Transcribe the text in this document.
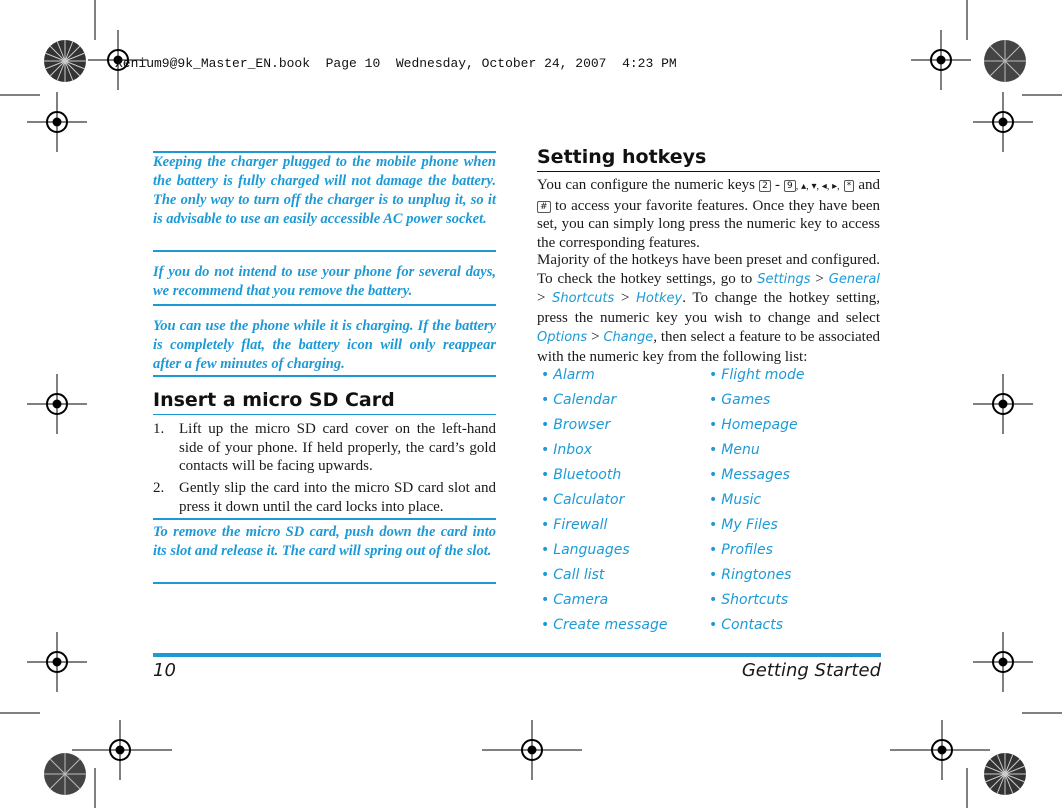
Xenium9@9k_Master_EN.book  Page 10  Wednesday, October 24, 2007  4:23 PM
Keeping the charger plugged to the mobile phone when the battery is fully charged will not damage the battery. The only way to turn off the charger is to unplug it, so it is advisable to use an easily accessible AC power socket.
If you do not intend to use your phone for several days, we recommend that you remove the battery.
You can use the phone while it is charging. If the battery is completely flat, the battery icon will only reappear after a few minutes of charging.
Insert a micro SD Card
1. Lift up the micro SD card cover on the left-hand side of your phone. If held properly, the card’s gold contacts will be facing upwards.
2. Gently slip the card into the micro SD card slot and press it down until the card locks into place.
To remove the micro SD card, push down the card into its slot and release it. The card will spring out of the slot.
Setting hotkeys
You can configure the numeric keys 2 - 9 , ▴, ▾, ◂, ▸, * and # to access your favorite features. Once they have been set, you can simply long press the numeric key to access the corresponding features.
Majority of the hotkeys have been preset and configured. To check the hotkey settings, go to Settings > General > Shortcuts > Hotkey. To change the hotkey setting, press the numeric key you wish to change and select Options > Change, then select a feature to be associated with the numeric key from the following list:
• Alarm
• Calendar
• Browser
• Inbox
• Bluetooth
• Calculator
• Firewall
• Languages
• Call list
• Camera
• Create message
• Flight mode
• Games
• Homepage
• Menu
• Messages
• Music
• My Files
• Profiles
• Ringtones
• Shortcuts
• Contacts
10	Getting Started
